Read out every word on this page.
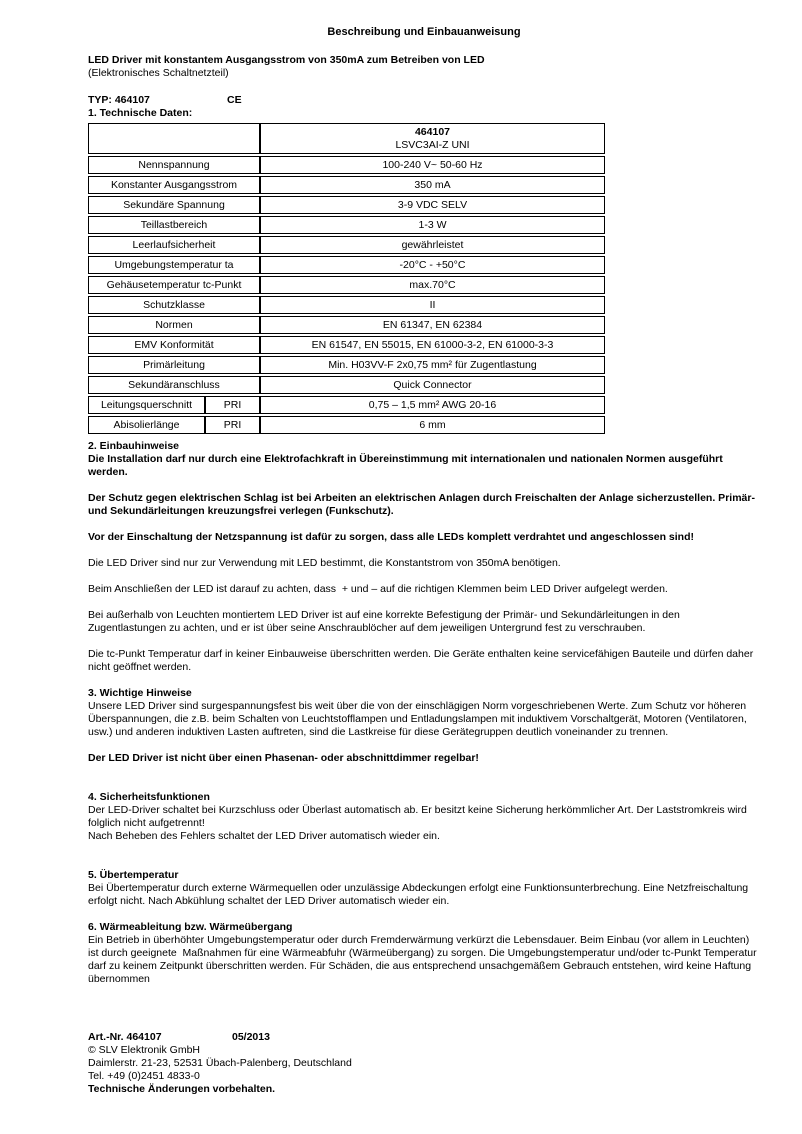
Beschreibung und Einbauanweisung
LED Driver mit konstantem Ausgangsstrom von 350mA zum Betreiben von LED
(Elektronisches Schaltnetzteil)
TYP: 464107	CE
1. Technische Daten:

		464107
LSVC3AI-Z UNI

Nennspannung		100-240 V~ 50-60 Hz
Konstanter Ausgangsstrom		350 mA
Sekundäre Spannung		3-9 VDC SELV
Teillastbereich		1-3 W
Leerlaufsicherheit		gewährleistet
Umgebungstemperatur ta		-20°C - +50°C
Gehäusetemperatur tc-Punkt		max.70°C
Schutzklasse		II
Normen		EN 61347, EN 62384
EMV Konformität		EN 61547, EN 55015, EN 61000-3-2, EN 61000-3-3
Primärleitung		Min. H03VV-F 2x0,75 mm² für Zugentlastung
Sekundäranschluss		Quick Connector
Leitungsquerschnitt	PRI	0,75 – 1,5 mm² AWG 20-16
Abisolierlänge	PRI	6 mm
2. Einbauhinweise
Die Installation darf nur durch eine Elektrofachkraft in Übereinstimmung mit internationalen und nationalen Normen ausgeführt werden.
Der Schutz gegen elektrischen Schlag ist bei Arbeiten an elektrischen Anlagen durch Freischalten der Anlage sicherzustellen. Primär- und Sekundärleitungen kreuzungsfrei verlegen (Funkschutz).
Vor der Einschaltung der Netzspannung ist dafür zu sorgen, dass alle LEDs komplett verdrahtet und angeschlossen sind!
Die LED Driver sind nur zur Verwendung mit LED bestimmt, die Konstantstrom von 350mA benötigen.
Beim Anschließen der LED ist darauf zu achten, dass  + und – auf die richtigen Klemmen beim LED Driver aufgelegt werden.
Bei außerhalb von Leuchten montiertem LED Driver ist auf eine korrekte Befestigung der Primär- und Sekundärleitungen in den Zugentlastungen zu achten, und er ist über seine Anschraublöcher auf dem jeweiligen Untergrund fest zu verschrauben.
Die tc-Punkt Temperatur darf in keiner Einbauweise überschritten werden. Die Geräte enthalten keine servicefähigen Bauteile und dürfen daher nicht geöffnet werden.
3. Wichtige Hinweise
Unsere LED Driver sind surgespannungsfest bis weit über die von der einschlägigen Norm vorgeschriebenen Werte. Zum Schutz vor höheren Überspannungen, die z.B. beim Schalten von Leuchtstofflampen und Entladungslampen mit induktivem Vorschaltgerät, Motoren (Ventilatoren, usw.) und anderen induktiven Lasten auftreten, sind die Lastkreise für diese Gerätegruppen deutlich voneinander zu trennen.
Der LED Driver ist nicht über einen Phasenan- oder abschnittdimmer regelbar!
4. Sicherheitsfunktionen
Der LED-Driver schaltet bei Kurzschluss oder Überlast automatisch ab. Er besitzt keine Sicherung herkömmlicher Art. Der Laststromkreis wird folglich nicht aufgetrennt!
Nach Beheben des Fehlers schaltet der LED Driver automatisch wieder ein.
5. Übertemperatur
Bei Übertemperatur durch externe Wärmequellen oder unzulässige Abdeckungen erfolgt eine Funktionsunterbrechung. Eine Netzfreischaltung erfolgt nicht. Nach Abkühlung schaltet der LED Driver automatisch wieder ein.
6. Wärmeableitung bzw. Wärmeübergang
Ein Betrieb in überhöhter Umgebungstemperatur oder durch Fremderwärmung verkürzt die Lebensdauer. Beim Einbau (vor allem in Leuchten) ist durch geeignete  Maßnahmen für eine Wärmeabfuhr (Wärmeübergang) zu sorgen. Die Umgebungstemperatur und/oder tc-Punkt Temperatur darf zu keinem Zeitpunkt überschritten werden. Für Schäden, die aus entsprechend unsachgemäßem Gebrauch entstehen, wird keine Haftung übernommen
Art.-Nr. 464107	05/2013
© SLV Elektronik GmbH
Daimlerstr. 21-23, 52531 Übach-Palenberg, Deutschland
Tel. +49 (0)2451 4833-0
Technische Änderungen vorbehalten.
